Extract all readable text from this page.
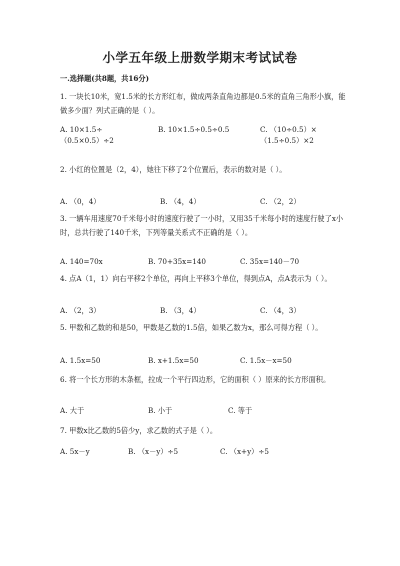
小学五年级上册数学期末考试试卷
一.选择题(共8题，共16分)
1. 一块长10米，宽1.5米的长方形红布，做成两条直角边都是0.5米的直角三角形小旗，能做多少面？列式正确的是（ ）。
A. 10×1.5÷（0.5×0.5）÷2
B. 10×1.5÷0.5÷0.5	C. （10÷0.5）×（1.5÷0.5）×2
2. 小红的位置是（2，4），她往下移了2个位置后，表示的数对是（ ）。
A. （0，4）	B. （4，4）	C. （2，2）
3. 一辆车用速度70千米每小时的速度行驶了一小时，又用35千米每小时的速度行驶了x小时，总共行驶了140千米，下列等量关系式不正确的是（ ）。
A. 140=70x	B. 70+35x=140	C. 35x=140－70
4. 点A（1，1）向右平移2个单位，再向上平移3个单位，得到点A，点A表示为（ ）。
A. （2，3）	B. （3，4）	C. （4，3）
5. 甲数和乙数的和是50，甲数是乙数的1.5倍，如果乙数为x，那么可得方程（ ）。
A. 1.5x=50	B. x+1.5x=50	C. 1.5x－x=50
6. 将一个长方形的木条框，拉成一个平行四边形，它的面积（ ）原来的长方形面积。
A. 大于	B. 小于	C. 等于
7. 甲数x比乙数的5倍少y，求乙数的式子是（ ）。
A. 5x－y	B. （x－y）÷5	C. （x+y）÷5
